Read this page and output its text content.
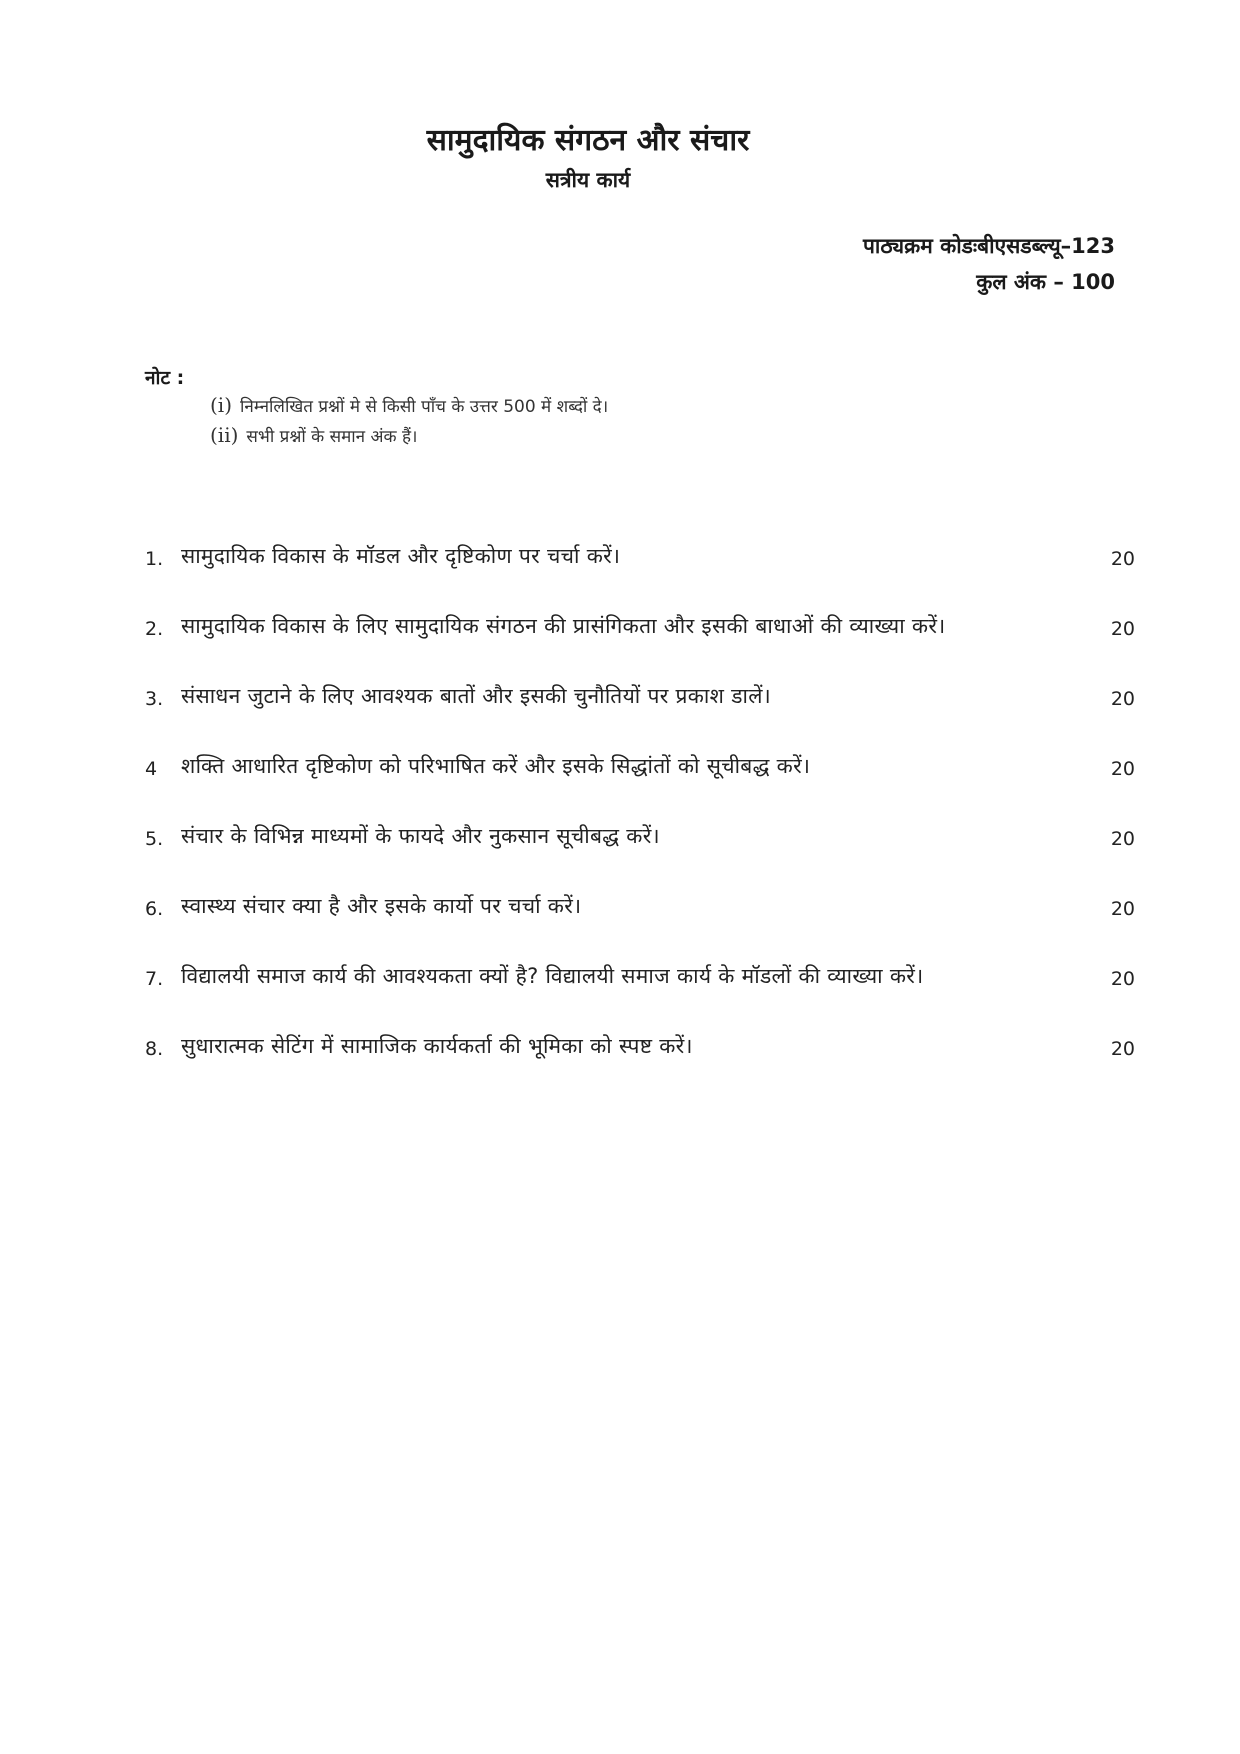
सामुदायिक संगठन और संचार
सत्रीय कार्य
पाठ्यक्रम कोडःबीएसडब्ल्यू–123
कुल अंक – 100
नोट :
(i) निम्नलिखित प्रश्नों मे से किसी पाँच के उत्तर 500 में शब्दों दे।
(ii) सभी प्रश्नों के समान अंक हैं।
1. सामुदायिक विकास के मॉडल और दृष्टिकोण पर चर्चा करें।	20
2. सामुदायिक विकास के लिए सामुदायिक संगठन की प्रासंगिकता और इसकी बाधाओं की व्याख्या करें।	20
3. संसाधन जुटाने के लिए आवश्यक बातों और इसकी चुनौतियों पर प्रकाश डालें।	20
4 शक्ति आधारित दृष्टिकोण को परिभाषित करें और इसके सिद्धांतों को सूचीबद्ध करें।	20
5. संचार के विभिन्न माध्यमों के फायदे और नुकसान सूचीबद्ध करें।	20
6. स्वास्थ्य संचार क्या है और इसके कार्यो पर चर्चा करें।	20
7. विद्यालयी समाज कार्य की आवश्यकता क्यों है? विद्यालयी समाज कार्य के मॉडलों की व्याख्या करें।	20
8. सुधारात्मक सेटिंग में सामाजिक कार्यकर्ता की भूमिका को स्पष्ट करें।	20
